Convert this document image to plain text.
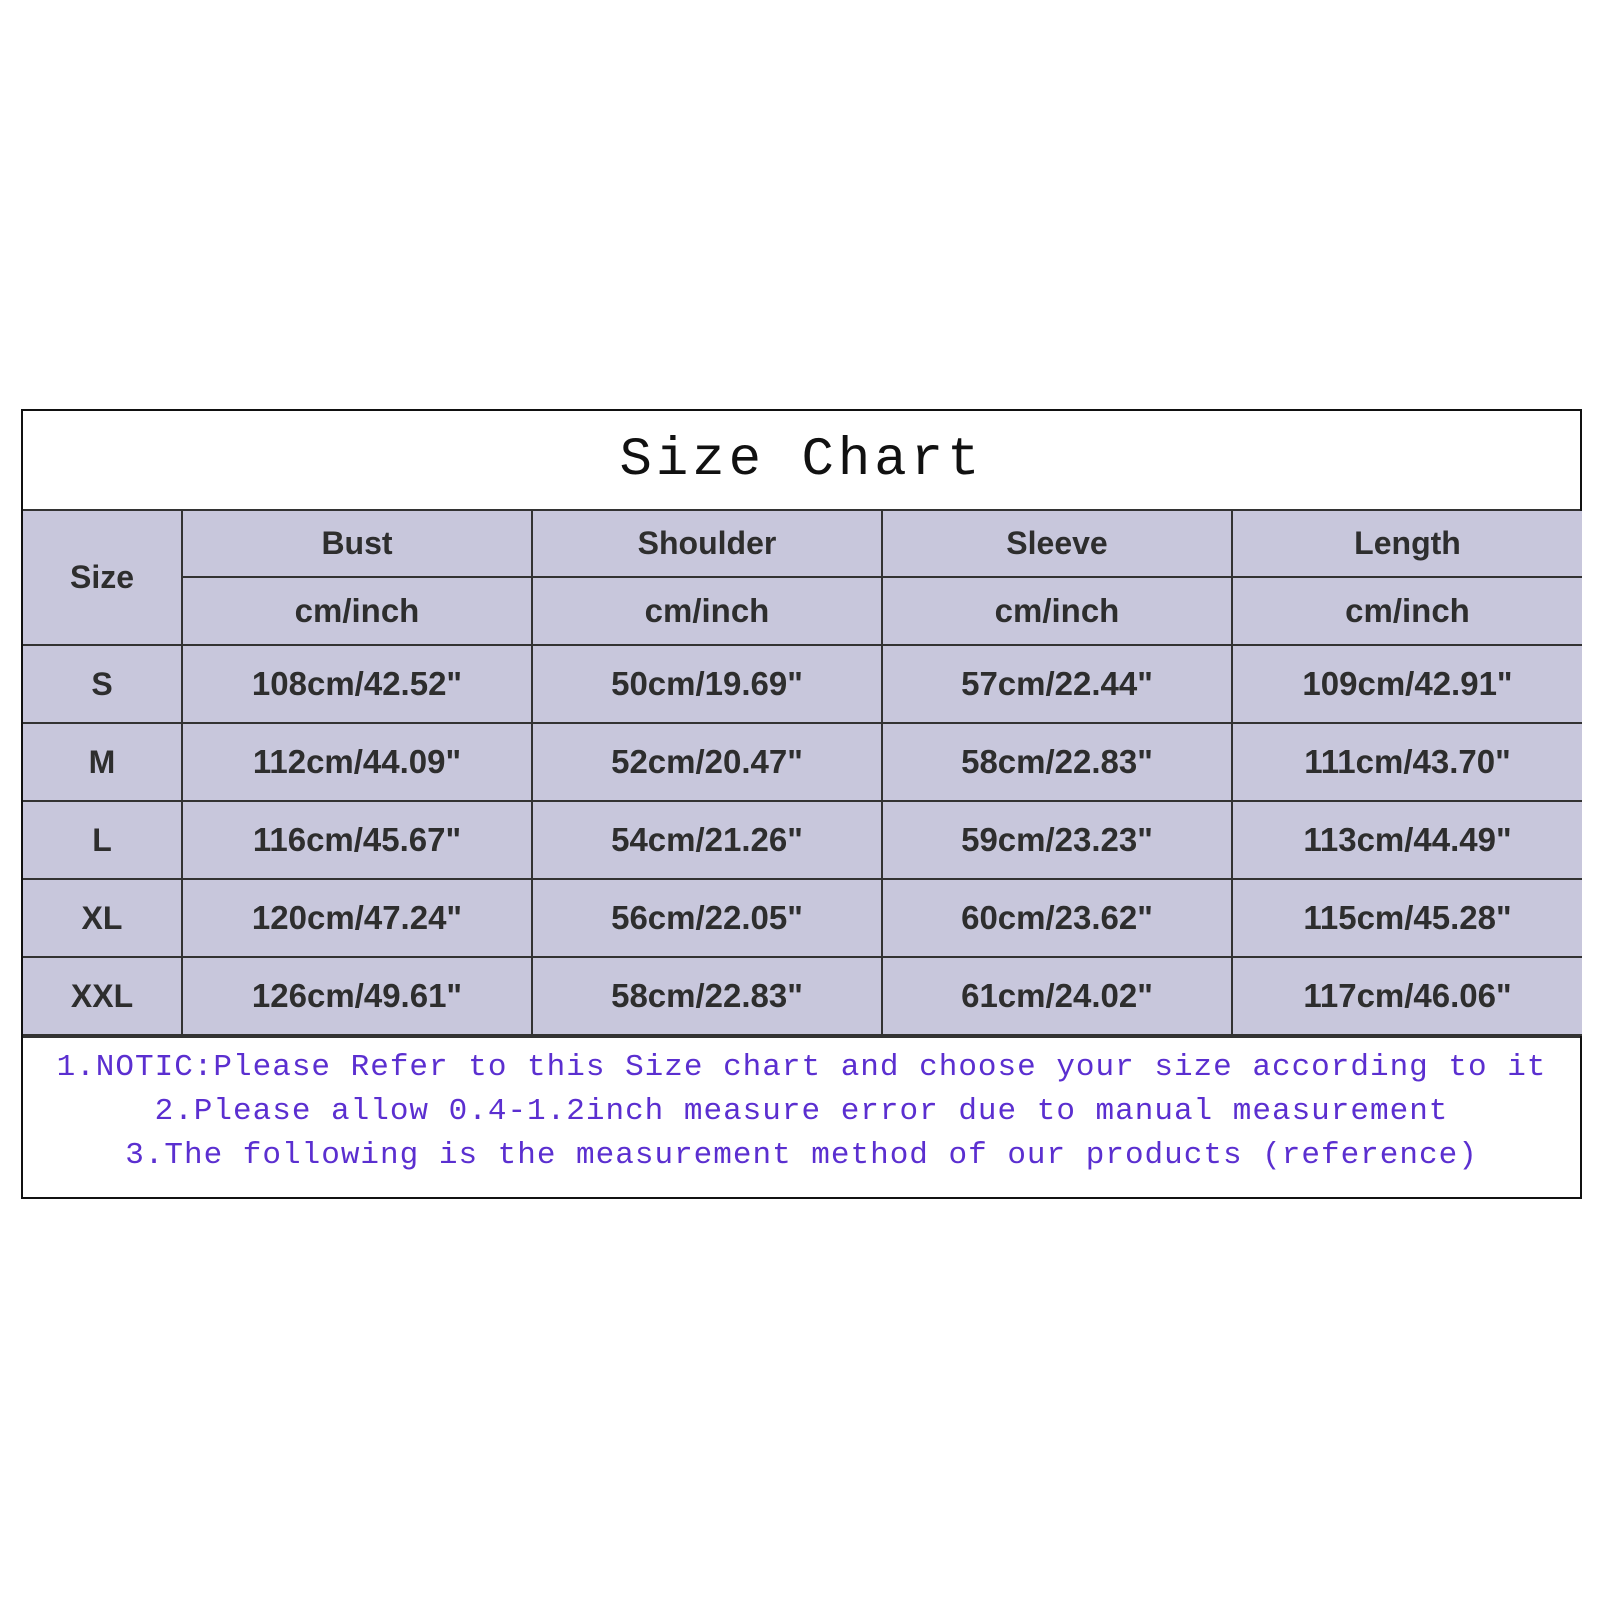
Size Chart
Size	Bust	Shoulder	Sleeve	Length
	cm/inch	cm/inch	cm/inch	cm/inch
S	108cm/42.52"	50cm/19.69"	57cm/22.44"	109cm/42.91"
M	112cm/44.09"	52cm/20.47"	58cm/22.83"	111cm/43.70"
L	116cm/45.67"	54cm/21.26"	59cm/23.23"	113cm/44.49"
XL	120cm/47.24"	56cm/22.05"	60cm/23.62"	115cm/45.28"
XXL	126cm/49.61"	58cm/22.83"	61cm/24.02"	117cm/46.06"
1.NOTIC:Please Refer to this Size chart and choose your size according to it
2.Please allow 0.4-1.2inch measure error due to manual measurement
3.The following is the measurement method of our products (reference)
